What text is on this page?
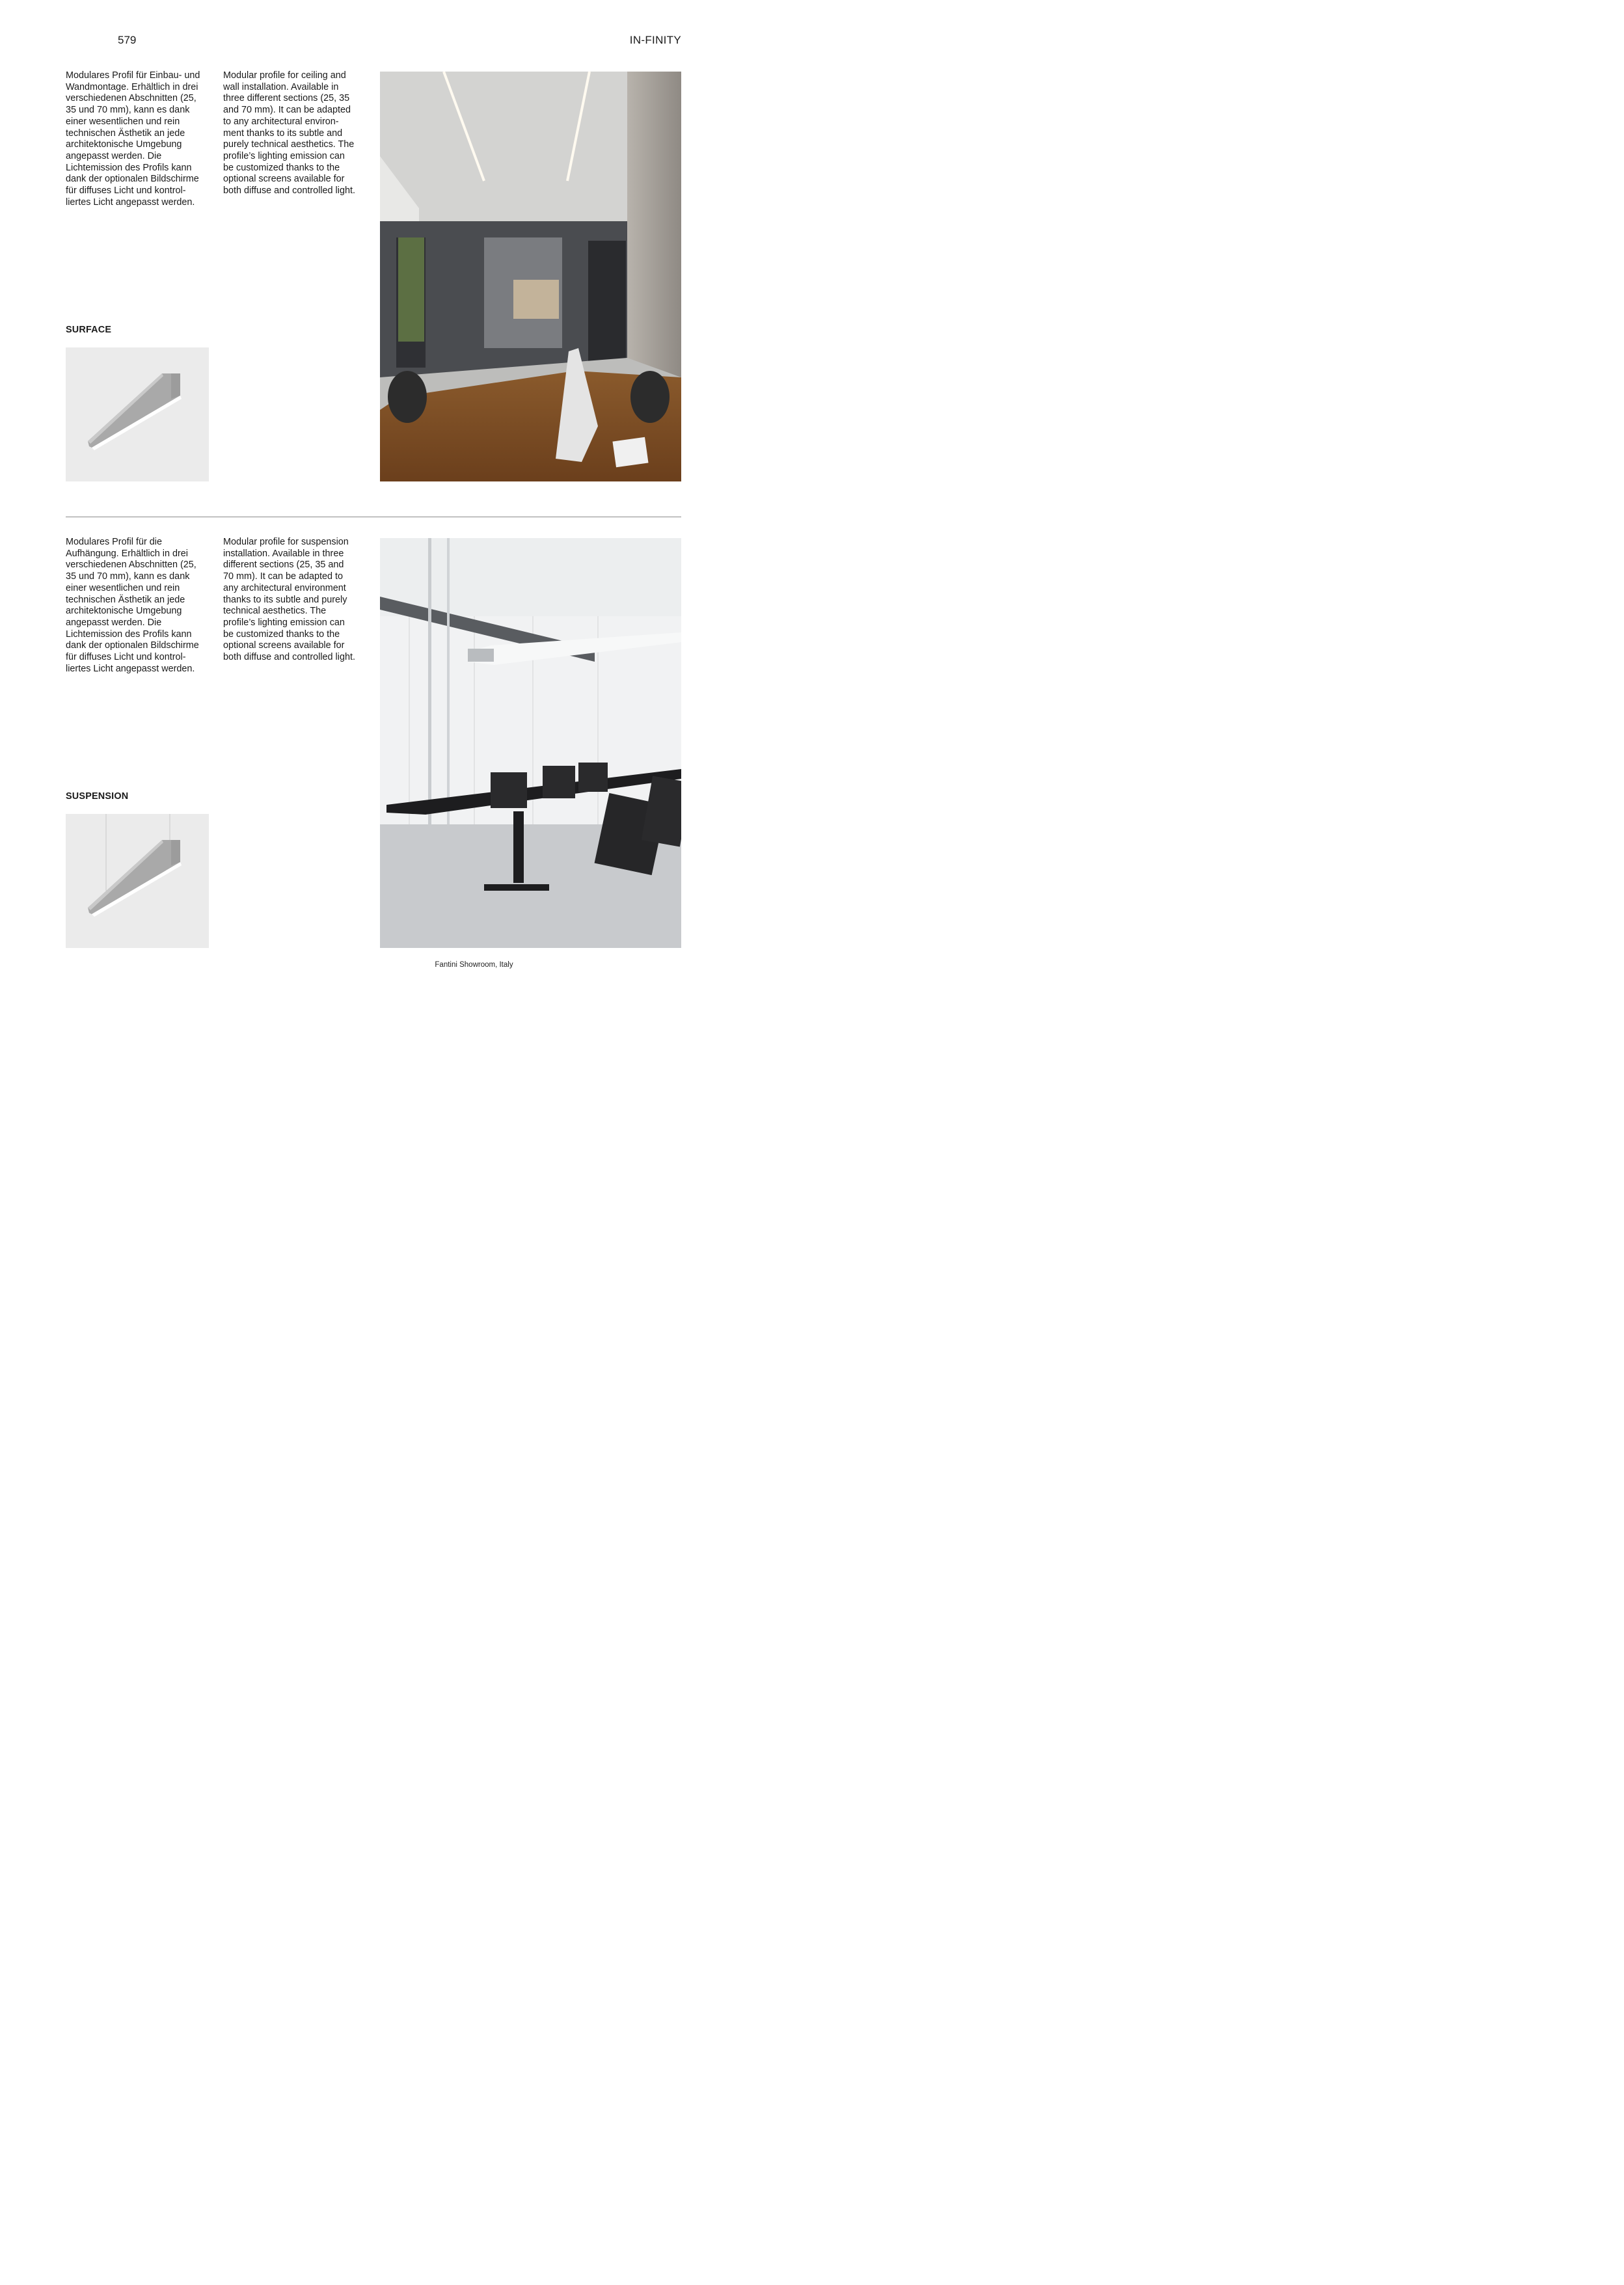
579	IN-FINITY

Modulares Profil für Einbau- und
Wandmontage. Erhältlich in drei
verschiedenen Abschnitten (25,
35 und 70 mm), kann es dank
einer wesentlichen und rein
technischen Ästhetik an jede
architektonische Umgebung
angepasst werden. Die
Lichtemission des Profils kann
dank der optionalen Bildschirme
für diffuses Licht und kontrol-
liertes Licht angepasst werden.

Modular profile for ceiling and
wall installation. Available in
three different sections (25, 35
and 70 mm). It can be adapted
to any architectural environ-
ment thanks to its subtle and
purely technical aesthetics. The
profile’s lighting emission can
be customized thanks to the
optional screens available for
both diffuse and controlled light.

SURFACE

Modulares Profil für die
Aufhängung. Erhältlich in drei
verschiedenen Abschnitten (25,
35 und 70 mm), kann es dank
einer wesentlichen und rein
technischen Ästhetik an jede
architektonische Umgebung
angepasst werden. Die
Lichtemission des Profils kann
dank der optionalen Bildschirme
für diffuses Licht und kontrol-
liertes Licht angepasst werden.

Modular profile for suspension
installation. Available in three
different sections (25, 35 and
70 mm). It can be adapted to
any architectural environment
thanks to its subtle and purely
technical aesthetics. The
profile’s lighting emission can
be customized thanks to the
optional screens available for
both diffuse and controlled light.

SUSPENSION
Fantini Showroom, Italy
